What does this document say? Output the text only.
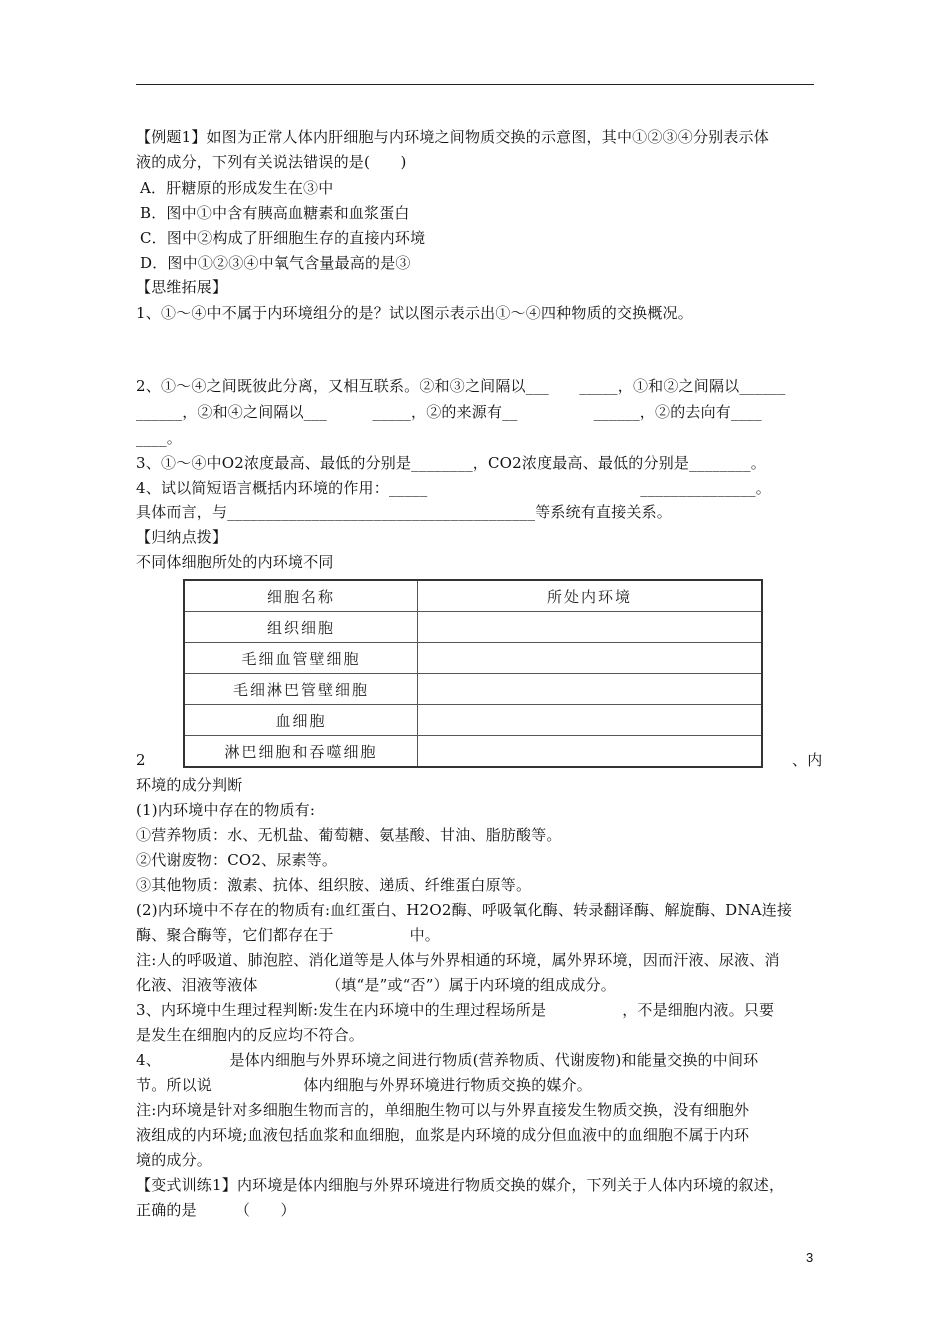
【例题1】如图为正常人体内肝细胞与内环境之间物质交换的示意图，其中①②③④分别表示体
液的成分，下列有关说法错误的是(　　)
A．肝糖原的形成发生在③中
B．图中①中含有胰高血糖素和血浆蛋白
C．图中②构成了肝细胞生存的直接内环境
D．图中①②③④中氧气含量最高的是③
【思维拓展】
1、①～④中不属于内环境组分的是？试以图示表示出①～④四种物质的交换概况。
2、①～④之间既彼此分离，又相互联系。②和③之间隔以___　　_____，①和②之间隔以______
______，②和④之间隔以___　　　_____，②的来源有__　　　　　______，②的去向有____
____。
3、①～④中O2浓度最高、最低的分别是________，CO2浓度最高、最低的分别是________。
4、试以简短语言概括内环境的作用：_____　　　　　　　　　　　　　　_______________。
具体而言，与________________________________________等系统有直接关系。
【归纳点拨】
不同体细胞所处的内环境不同
细胞名称	所处内环境
组织细胞	
毛细血管壁细胞	
毛细淋巴管壁细胞	
血细胞	
淋巴细胞和吞噬细胞	
2	、内
环境的成分判断
(1)内环境中存在的物质有:
①营养物质：水、无机盐、葡萄糖、氨基酸、甘油、脂肪酸等。
②代谢废物：CO2、尿素等。
③其他物质：激素、抗体、组织胺、递质、纤维蛋白原等。
(2)内环境中不存在的物质有:血红蛋白、H2O2酶、呼吸氧化酶、转录翻译酶、解旋酶、DNA连接
酶、聚合酶等，它们都存在于　　　　　中。
注:人的呼吸道、肺泡腔、消化道等是人体与外界相通的环境，属外界环境，因而汗液、尿液、消
化液、泪液等液体　　　　　（填“是”或“否”）属于内环境的组成成分。
3、内环境中生理过程判断:发生在内环境中的生理过程场所是　　　　　，不是细胞内液。只要
是发生在细胞内的反应均不符合。
4、　　　　　是体内细胞与外界环境之间进行物质(营养物质、代谢废物)和能量交换的中间环
节。所以说　　　　　　体内细胞与外界环境进行物质交换的媒介。
注:内环境是针对多细胞生物而言的，单细胞生物可以与外界直接发生物质交换，没有细胞外
液组成的内环境;血液包括血浆和血细胞，血浆是内环境的成分但血液中的血细胞不属于内环
境的成分。
【变式训练1】内环境是体内细胞与外界环境进行物质交换的媒介，下列关于人体内环境的叙述，
正确的是　　　（　　）
3
